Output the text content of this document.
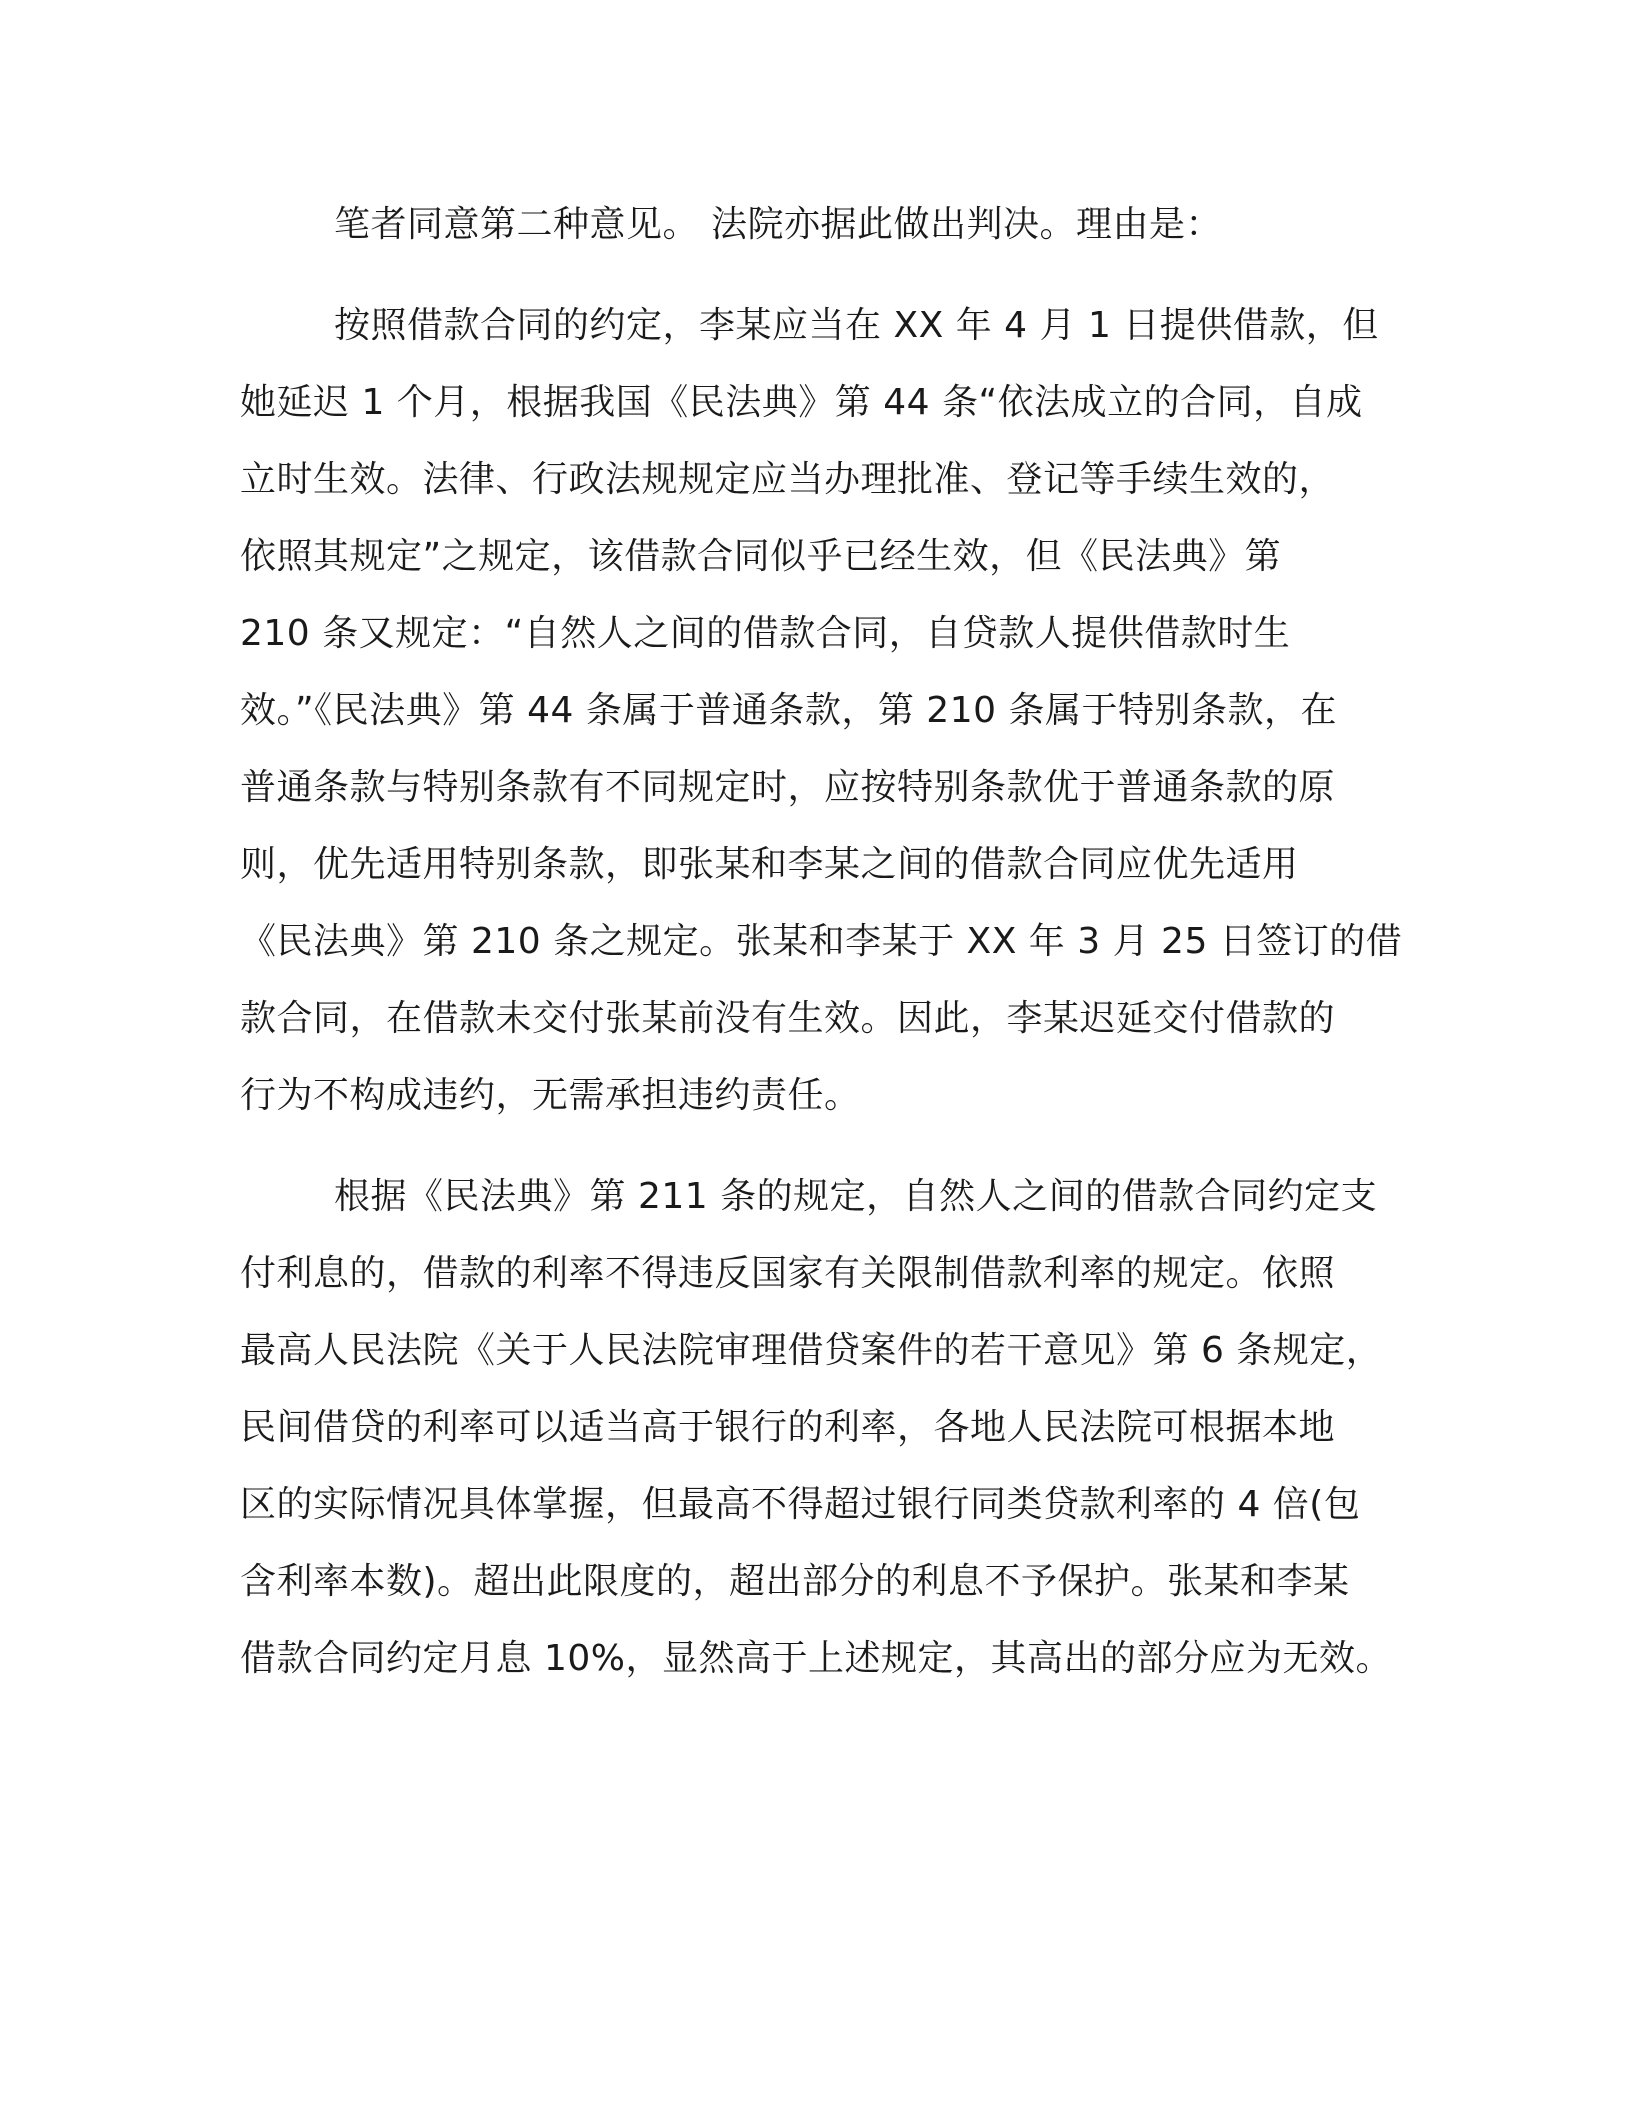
笔者同意第二种意见。 法院亦据此做出判决。理由是：
按照借款合同的约定，李某应当在 XX 年 4 月 1 日提供借款，但
她延迟 1 个月，根据我国《民法典》第 44 条“依法成立的合同，自成
立时生效。法律、行政法规规定应当办理批准、登记等手续生效的，
依照其规定”之规定，该借款合同似乎已经生效，但《民法典》第
210 条又规定：“自然人之间的借款合同，自贷款人提供借款时生
效。”《民法典》第 44 条属于普通条款，第 210 条属于特别条款，在
普通条款与特别条款有不同规定时，应按特别条款优于普通条款的原
则，优先适用特别条款，即张某和李某之间的借款合同应优先适用
《民法典》第 210 条之规定。张某和李某于 XX 年 3 月 25 日签订的借
款合同，在借款未交付张某前没有生效。因此，李某迟延交付借款的
行为不构成违约，无需承担违约责任。
根据《民法典》第 211 条的规定，自然人之间的借款合同约定支
付利息的，借款的利率不得违反国家有关限制借款利率的规定。依照
最高人民法院《关于人民法院审理借贷案件的若干意见》第 6 条规定，
民间借贷的利率可以适当高于银行的利率，各地人民法院可根据本地
区的实际情况具体掌握，但最高不得超过银行同类贷款利率的 4 倍(包
含利率本数)。超出此限度的，超出部分的利息不予保护。张某和李某
借款合同约定月息 10%，显然高于上述规定，其高出的部分应为无效。
